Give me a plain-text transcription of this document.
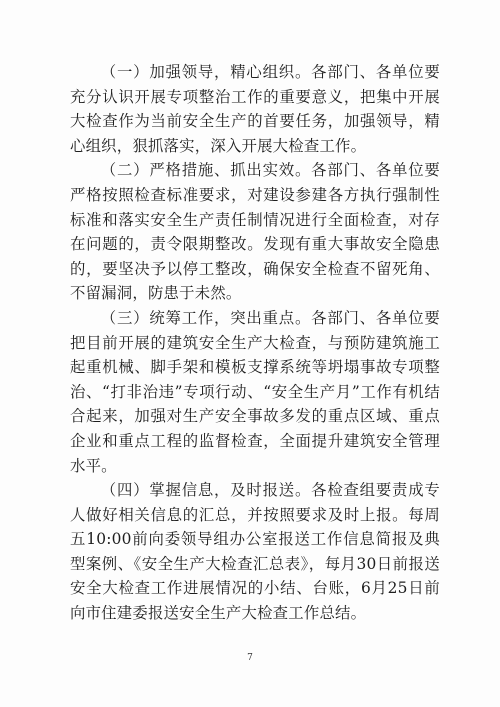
（一）加强领导，精心组织。各部门、各单位要充分认识开展专项整治工作的重要意义，把集中开展大检查作为当前安全生产的首要任务，加强领导，精心组织，狠抓落实，深入开展大检查工作。

（二）严格措施、抓出实效。各部门、各单位要严格按照检查标准要求，对建设参建各方执行强制性标准和落实安全生产责任制情况进行全面检查，对存在问题的，责令限期整改。发现有重大事故安全隐患的，要坚决予以停工整改，确保安全检查不留死角、不留漏洞，防患于未然。

（三）统筹工作，突出重点。各部门、各单位要把目前开展的建筑安全生产大检查，与预防建筑施工起重机械、脚手架和模板支撑系统等坍塌事故专项整治、“打非治违”专项行动、“安全生产月”工作有机结合起来，加强对生产安全事故多发的重点区域、重点企业和重点工程的监督检查，全面提升建筑安全管理水平。

（四）掌握信息，及时报送。各检查组要责成专人做好相关信息的汇总，并按照要求及时上报。每周五10:00前向委领导组办公室报送工作信息简报及典型案例、《安全生产大检查汇总表》，每月30日前报送安全大检查工作进展情况的小结、台账，6月25日前向市住建委报送安全生产大检查工作总结。

7
